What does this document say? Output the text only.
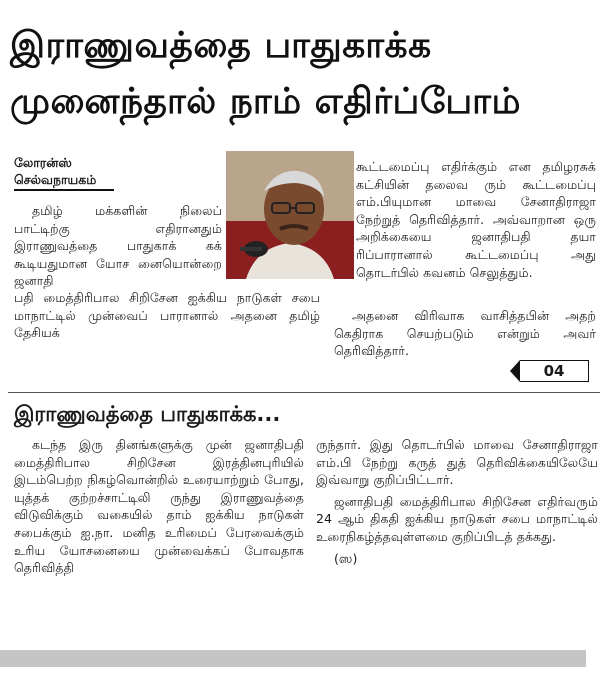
இராணுவத்தை பாதுகாக்க
முனைந்தால் நாம் எதிர்ப்போம்
லோரன்ஸ்
செல்வநாயகம்

தமிழ் மக்களின் நிலைப் பாட்டிற்கு எதிரானதும் இராணுவத்தை பாதுகாக் கக் கூடியதுமான யோச னையொன்றை ஜனாதி

பதி மைத்திரிபால சிறிசேன ஐக்கிய நாடுகள் சபை மாநாட்டில் முன்வைப் பாரானால் அதனை தமிழ் தேசியக்

கூட்டமைப்பு எதிர்க்கும் என தமிழரசுக் கட்சியின் தலைவ ரும் கூட்டமைப்பு எம்.பியுமான மாவை சேனாதிராஜா நேற்றுத் தெரிவித்தார். அவ்வாறான ஒரு அறிக்கையை ஜனாதிபதி தயா ரிப்பாரானால் கூட்டமைப்பு அது தொடர்பில் கவனம் செலுத்தும்.

அதனை விரிவாக வாசித்தபின் அதற் கெதிராக செயற்படும் என்றும் அவர் தெரிவித்தார்.

04
இராணுவத்தை பாதுகாக்க...

கடந்த இரு தினங்களுக்கு முன் ஜனாதிபதி மைத்திரிபால சிறிசேன இரத்தினபுரியில் இடம்பெற்ற நிகழ்வொன்றில் உரையாற்றும் போது, யுத்தக் குற்றச்சாட்டிலி ருந்து இராணுவத்தை விடுவிக்கும் வகையில் தாம் ஐக்கிய நாடுகள் சபைக்கும் ஐ.நா. மனித உரிமைப் பேரவைக்கும் உரிய யோசனையை முன்வைக்கப் போவதாக தெரிவித்தி

ருந்தார். இது தொடர்பில் மாவை சேனாதிராஜா எம்.பி நேற்று கருத் துத் தெரிவிக்கையிலேயே இவ்வாறு குறிப்பிட்டார்.

ஜனாதிபதி மைத்திரிபால சிறிசேன எதிர்வரும் 24 ஆம் திகதி ஐக்கிய நாடுகள் சபை மாநாட்டில் உரைநிகழ்த்தவுள்ளமை குறிப்பிடத் தக்கது.

(ஸ)
